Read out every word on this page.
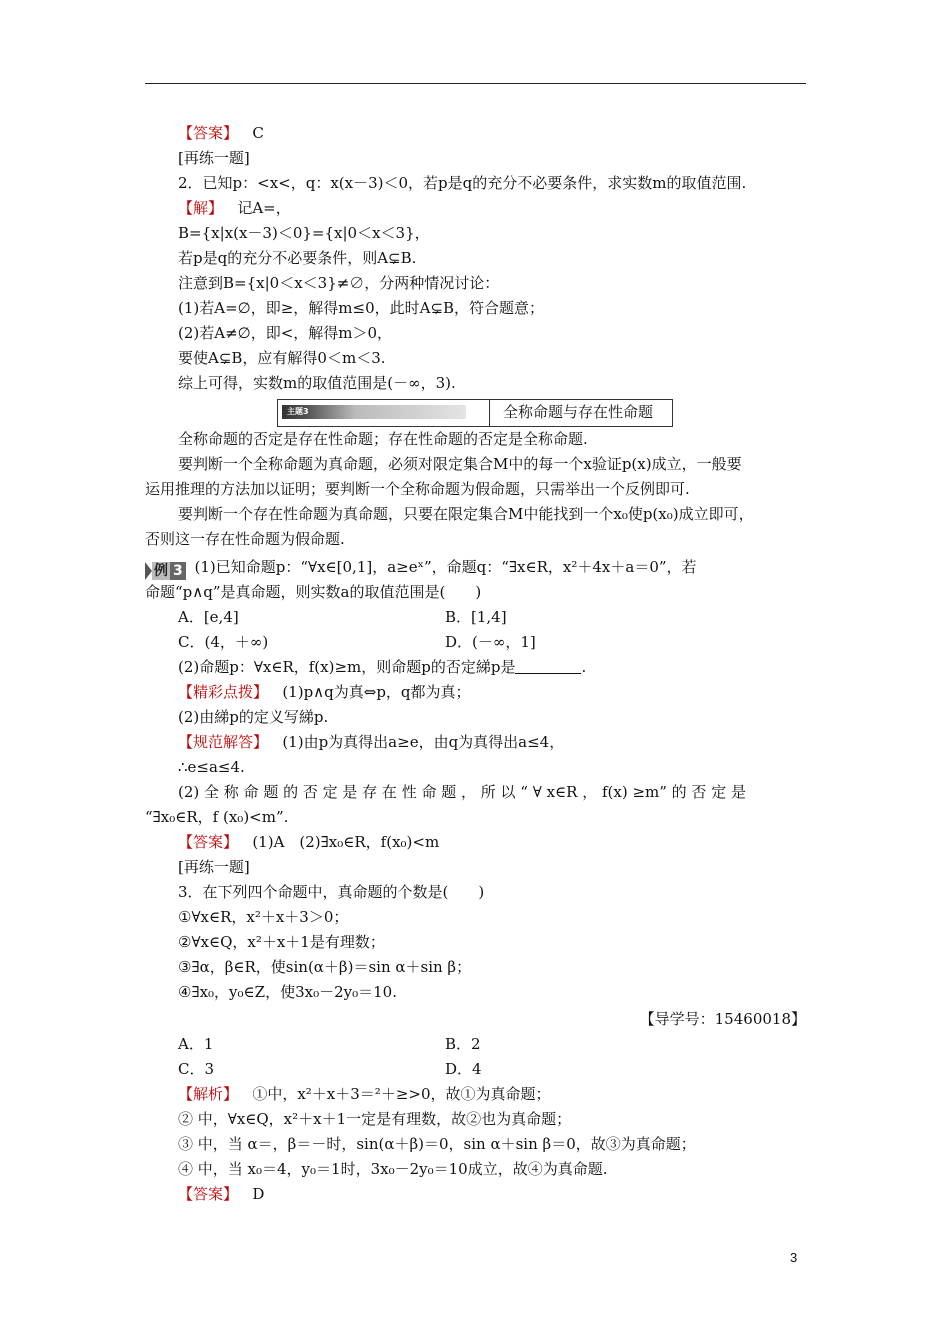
【答案】 C
[再练一题]
2．已知p：<x<，q：x(x－3)＜0，若p是q的充分不必要条件，求实数m的取值范围.
【解】 记A=，
B={x|x(x－3)＜0}={x|0＜x＜3}，
若p是q的充分不必要条件，则A⊊B.
注意到B={x|0＜x＜3}≠∅，分两种情况讨论：
(1)若A=∅，即≥，解得m≤0，此时A⊊B，符合题意；
(2)若A≠∅，即<，解得m＞0，
要使A⊊B，应有解得0＜m＜3.
综上可得，实数m的取值范围是(－∞，3).
主题3	全称命题与存在性命题
全称命题的否定是存在性命题；存在性命题的否定是全称命题.
要判断一个全称命题为真命题，必须对限定集合M中的每一个x验证p(x)成立，一般要
运用推理的方法加以证明；要判断一个全称命题为假命题，只需举出一个反例即可.
要判断一个存在性命题为真命题，只要在限定集合M中能找到一个x₀使p(x₀)成立即可，
否则这一存在性命题为假命题.
例 3 (1)已知命题p：“∀x∈[0,1]，a≥eˣ”，命题q：“∃x∈R，x²＋4x＋a＝0”，若
命题“p∧q”是真命题，则实数a的取值范围是(　　)
A．[e,4]	B．[1,4]
C．(4，＋∞)	D．(－∞，1]
(2)命题p：∀x∈R，f(x)≥m，则命题p的否定綈p是	.
【精彩点拨】 (1)p∧q为真⇔p，q都为真；
(2)由綈p的定义写綈p.
【规范解答】 (1)由p为真得出a≥e，由q为真得出a≤4，
∴e≤a≤4.
(2) 全 称 命 题 的 否 定 是 存 在 性 命 题 ， 所 以 “ ∀ x∈R ， f(x) ≥m” 的 否 定 是
“∃x₀∈R，f (x₀)<m”.
【答案】 (1)A　(2)∃x₀∈R，f(x₀)<m
[再练一题]
3．在下列四个命题中，真命题的个数是(　　)
①∀x∈R，x²＋x＋3＞0；
②∀x∈Q，x²＋x＋1是有理数；
③∃α，β∈R，使sin(α＋β)＝sin α＋sin β；
④∃x₀，y₀∈Z，使3x₀－2y₀＝10.
【导学号：15460018】
A．1	B．2
C．3	D．4
【解析】 ①中，x²＋x＋3＝²＋≥>0，故①为真命题；
② 中，∀x∈Q，x²＋x＋1一定是有理数，故②也为真命题；
③ 中，当 α＝，β＝－时，sin(α＋β)＝0，sin α＋sin β＝0，故③为真命题；
④ 中，当 x₀＝4，y₀＝1时，3x₀－2y₀＝10成立，故④为真命题.
【答案】 D
3
